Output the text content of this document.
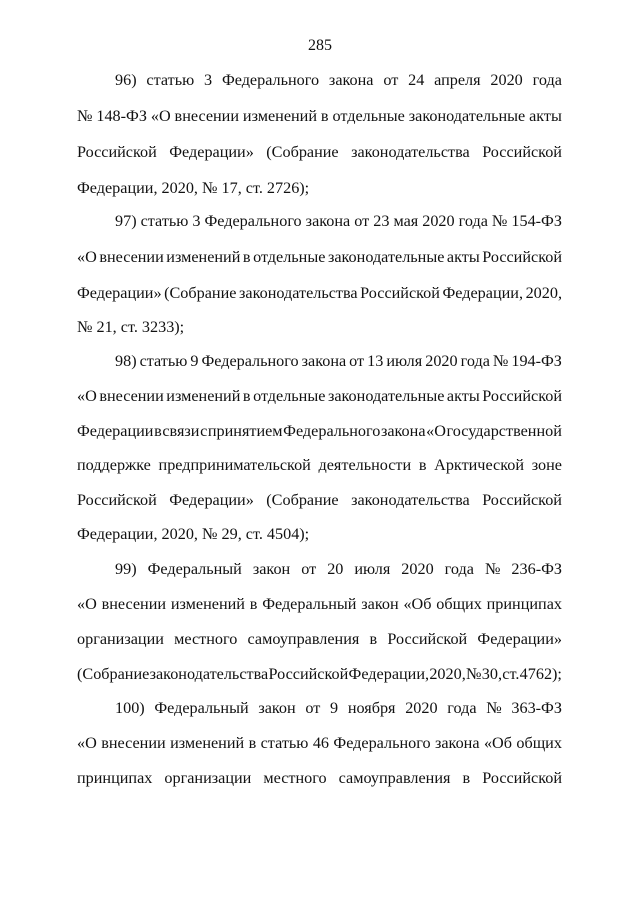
285
96) статью 3 Федерального закона от 24 апреля 2020 года
№ 148-ФЗ «О внесении изменений в отдельные законодательные акты
Российской Федерации» (Собрание законодательства Российской
Федерации, 2020, № 17, ст. 2726);
97) статью 3 Федерального закона от 23 мая 2020 года № 154-ФЗ
«О внесении изменений в отдельные законодательные акты Российской
Федерации» (Собрание законодательства Российской Федерации, 2020,
№ 21, ст. 3233);
98) статью 9 Федерального закона от 13 июля 2020 года № 194-ФЗ
«О внесении изменений в отдельные законодательные акты Российской
Федерации в связи с принятием Федерального закона «О государственной
поддержке предпринимательской деятельности в Арктической зоне
Российской Федерации» (Собрание законодательства Российской
Федерации, 2020, № 29, ст. 4504);
99) Федеральный закон от 20 июля 2020 года № 236-ФЗ
«О внесении изменений в Федеральный закон «Об общих принципах
организации местного самоуправления в Российской Федерации»
(Собрание законодательства Российской Федерации, 2020, № 30, ст. 4762);
100) Федеральный закон от 9 ноября 2020 года № 363-ФЗ
«О внесении изменений в статью 46 Федерального закона «Об общих
принципах организации местного самоуправления в Российской
